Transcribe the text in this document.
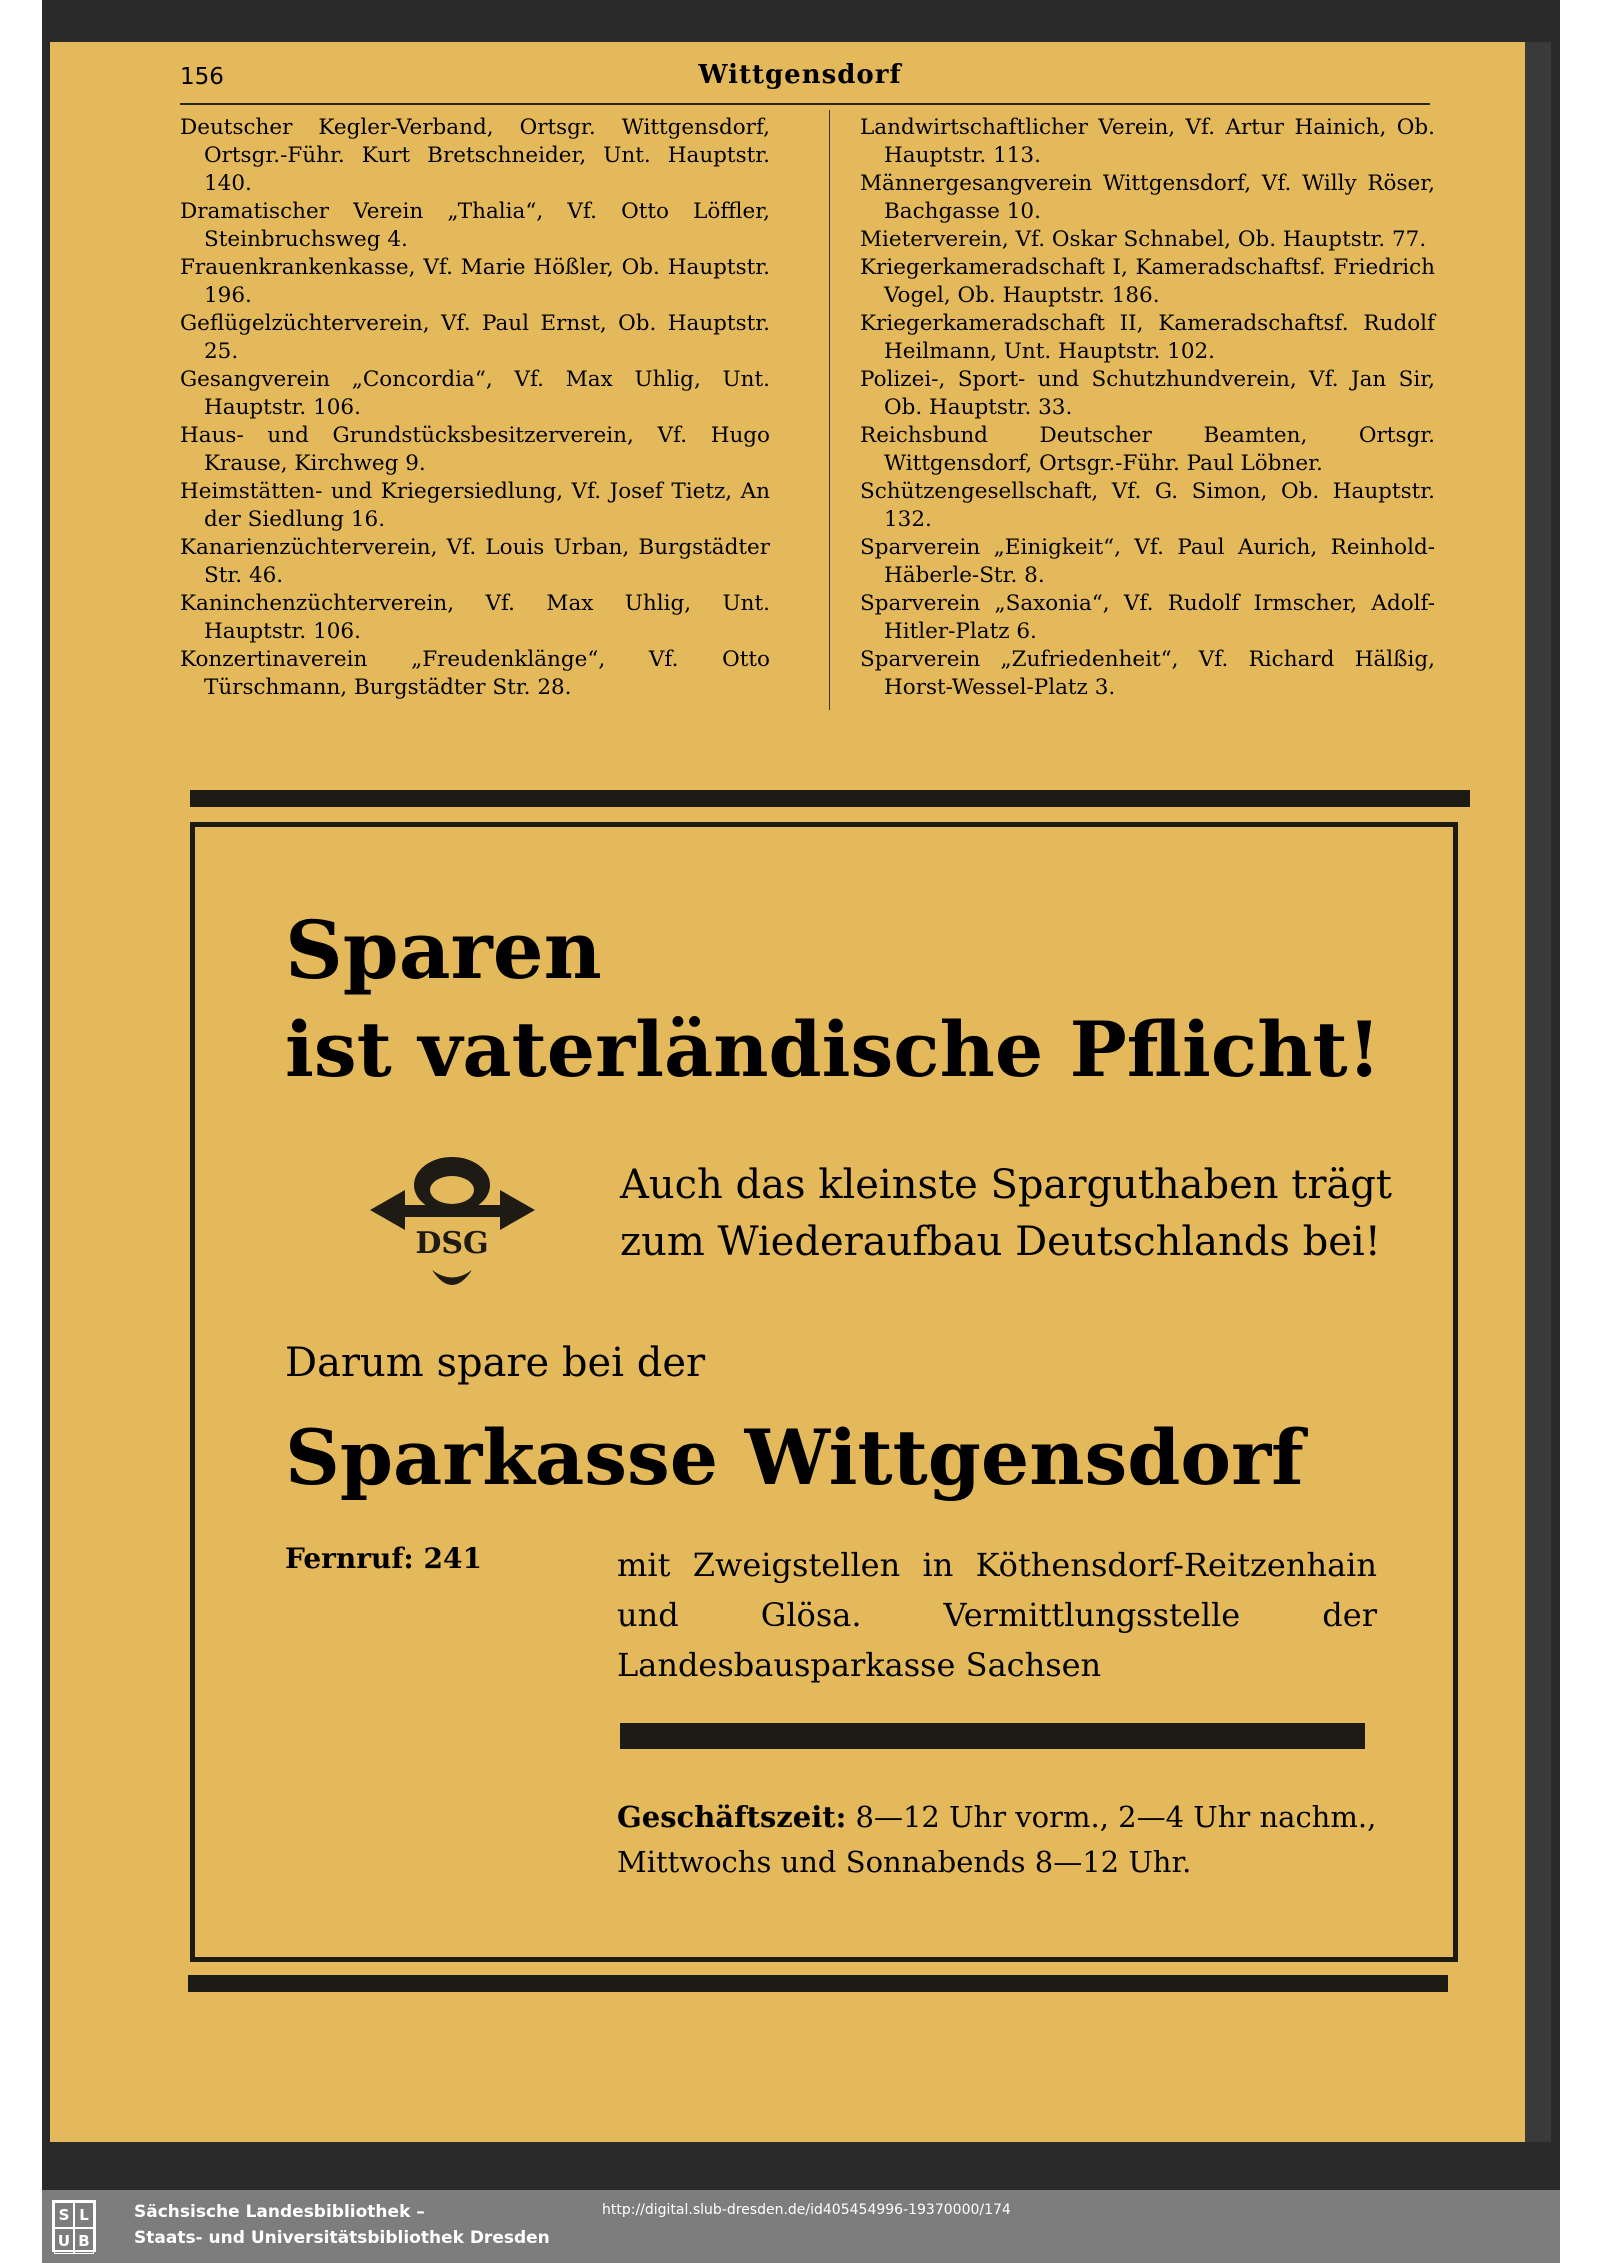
156	Wittgensdorf
Deutscher Kegler-Verband, Ortsgr. Wittgensdorf, Ortsgr.-Führ. Kurt Bretschneider, Unt. Hauptstr. 140.
Dramatischer Verein „Thalia“, Vf. Otto Löffler, Steinbruchsweg 4.
Frauenkrankenkasse, Vf. Marie Hößler, Ob. Hauptstr. 196.
Geflügelzüchterverein, Vf. Paul Ernst, Ob. Hauptstr. 25.
Gesangverein „Concordia“, Vf. Max Uhlig, Unt. Hauptstr. 106.
Haus- und Grundstücksbesitzerverein, Vf. Hugo Krause, Kirchweg 9.
Heimstätten- und Kriegersiedlung, Vf. Josef Tietz, An der Siedlung 16.
Kanarienzüchterverein, Vf. Louis Urban, Burgstädter Str. 46.
Kaninchenzüchterverein, Vf. Max Uhlig, Unt. Hauptstr. 106.
Konzertinaverein „Freudenklänge“, Vf. Otto Türschmann, Burgstädter Str. 28.
Landwirtschaftlicher Verein, Vf. Artur Hainich, Ob. Hauptstr. 113.
Männergesangverein Wittgensdorf, Vf. Willy Röser, Bachgasse 10.
Mieterverein, Vf. Oskar Schnabel, Ob. Hauptstr. 77.
Kriegerkameradschaft I, Kameradschaftsf. Friedrich Vogel, Ob. Hauptstr. 186.
Kriegerkameradschaft II, Kameradschaftsf. Rudolf Heilmann, Unt. Hauptstr. 102.
Polizei-, Sport- und Schutzhundverein, Vf. Jan Sir, Ob. Hauptstr. 33.
Reichsbund Deutscher Beamten, Ortsgr. Wittgensdorf, Ortsgr.-Führ. Paul Löbner.
Schützengesellschaft, Vf. G. Simon, Ob. Hauptstr. 132.
Sparverein „Einigkeit“, Vf. Paul Aurich, Reinhold-Häberle-Str. 8.
Sparverein „Saxonia“, Vf. Rudolf Irmscher, Adolf-Hitler-Platz 6.
Sparverein „Zufriedenheit“, Vf. Richard Hälßig, Horst-Wessel-Platz 3.
Sparen
ist vaterländische Pflicht!
DSG
Auch das kleinste Sparguthaben trägt
zum Wiederaufbau Deutschlands bei!
Darum spare bei der
Sparkasse Wittgensdorf
Fernruf: 241	mit Zweigstellen in Köthensdorf-Reitzenhain und Glösa. Vermittlungsstelle der Landesbausparkasse Sachsen
Geschäftszeit: 8—12 Uhr vorm., 2—4 Uhr nachm.,
Mittwochs und Sonnabends 8—12 Uhr.
S L
U B
Sächsische Landesbibliothek –
Staats- und Universitätsbibliothek Dresden
http://digital.slub-dresden.de/id405454996-19370000/174
